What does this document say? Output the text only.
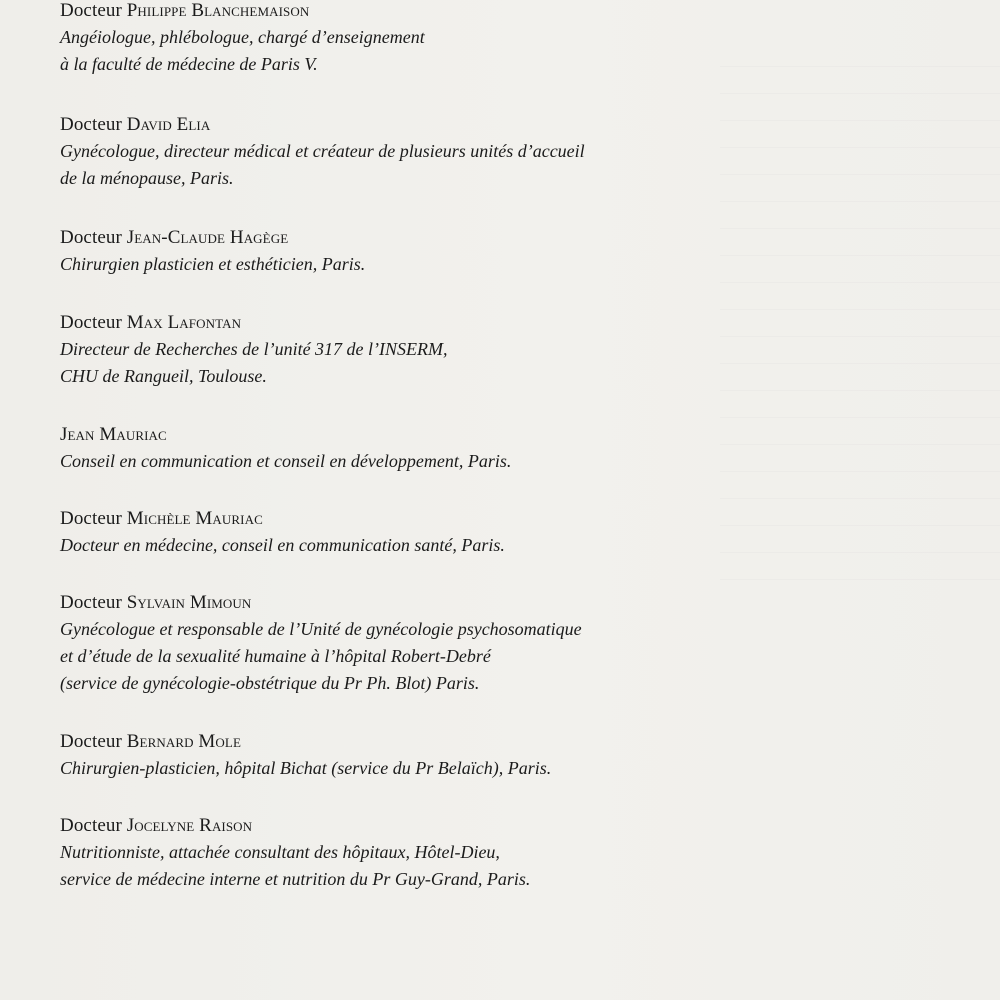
Docteur Philippe Blanchemaison
Angéiologue, phlébologue, chargé d’enseignement
à la faculté de médecine de Paris V.
Docteur David Elia
Gynécologue, directeur médical et créateur de plusieurs unités d’accueil
de la ménopause, Paris.
Docteur Jean-Claude Hagège
Chirurgien plasticien et esthéticien, Paris.
Docteur Max Lafontan
Directeur de Recherches de l’unité 317 de l’INSERM,
CHU de Rangueil, Toulouse.
Jean Mauriac
Conseil en communication et conseil en développement, Paris.
Docteur Michèle Mauriac
Docteur en médecine, conseil en communication santé, Paris.
Docteur Sylvain Mimoun
Gynécologue et responsable de l’Unité de gynécologie psychosomatique
et d’étude de la sexualité humaine à l’hôpital Robert-Debré
(service de gynécologie-obstétrique du Pr Ph. Blot) Paris.
Docteur Bernard Mole
Chirurgien-plasticien, hôpital Bichat (service du Pr Belaïch), Paris.
Docteur Jocelyne Raison
Nutritionniste, attachée consultant des hôpitaux, Hôtel-Dieu,
service de médecine interne et nutrition du Pr Guy-Grand, Paris.
